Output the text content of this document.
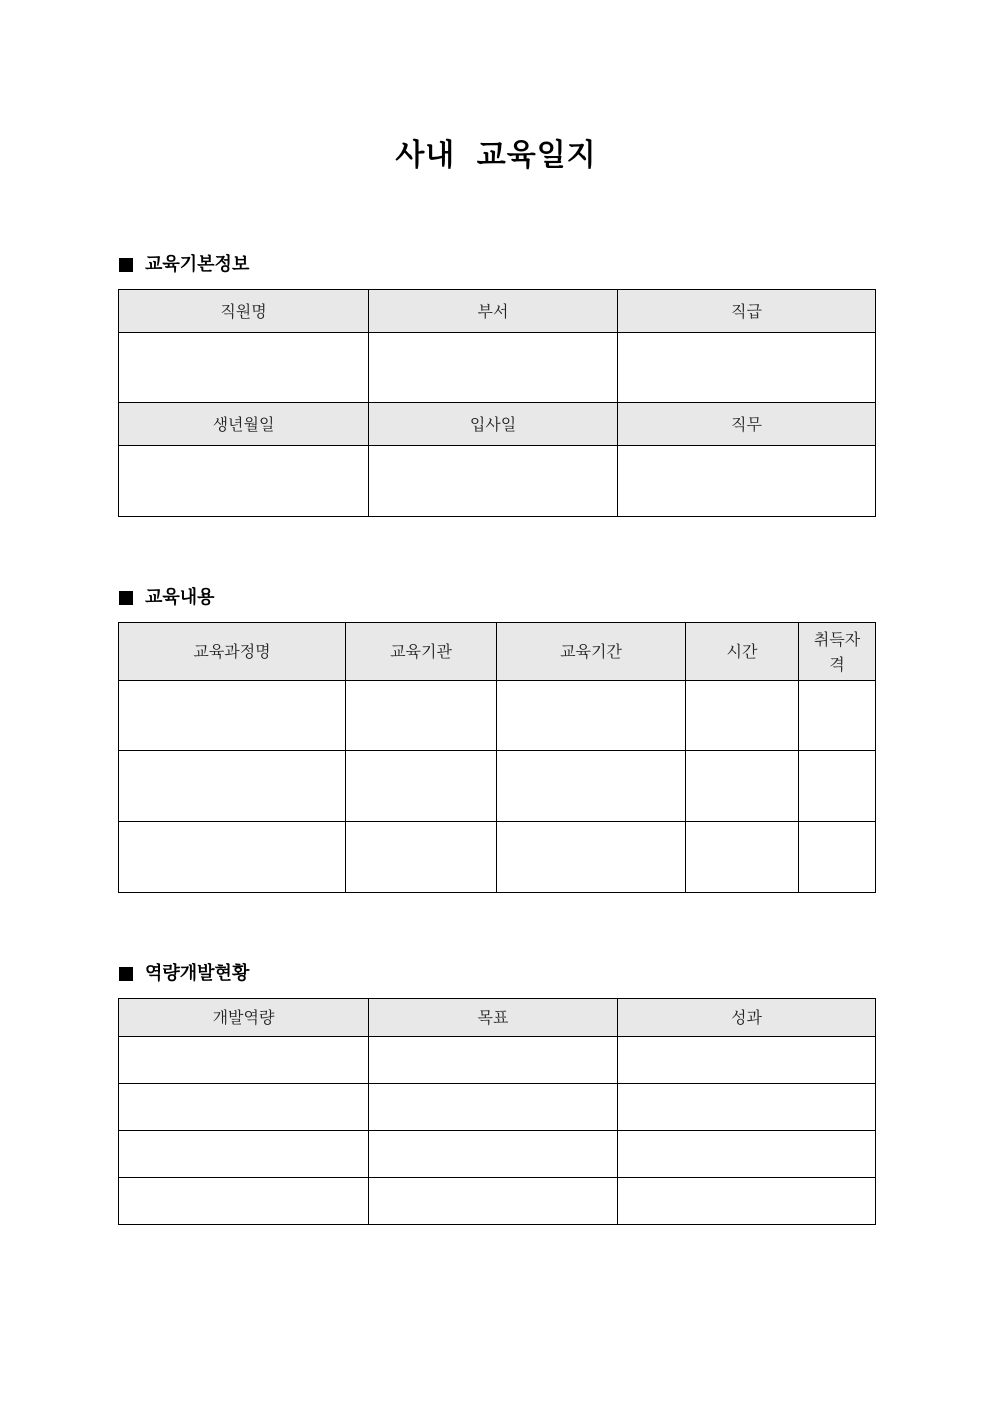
사내 교육일지
교육기본정보
직원명	부서	직급

생년월일	입사일	직무

교육내용
교육과정명	교육기관	교육기간	시간	취득자격

역량개발현황
개발역량	목표	성과
